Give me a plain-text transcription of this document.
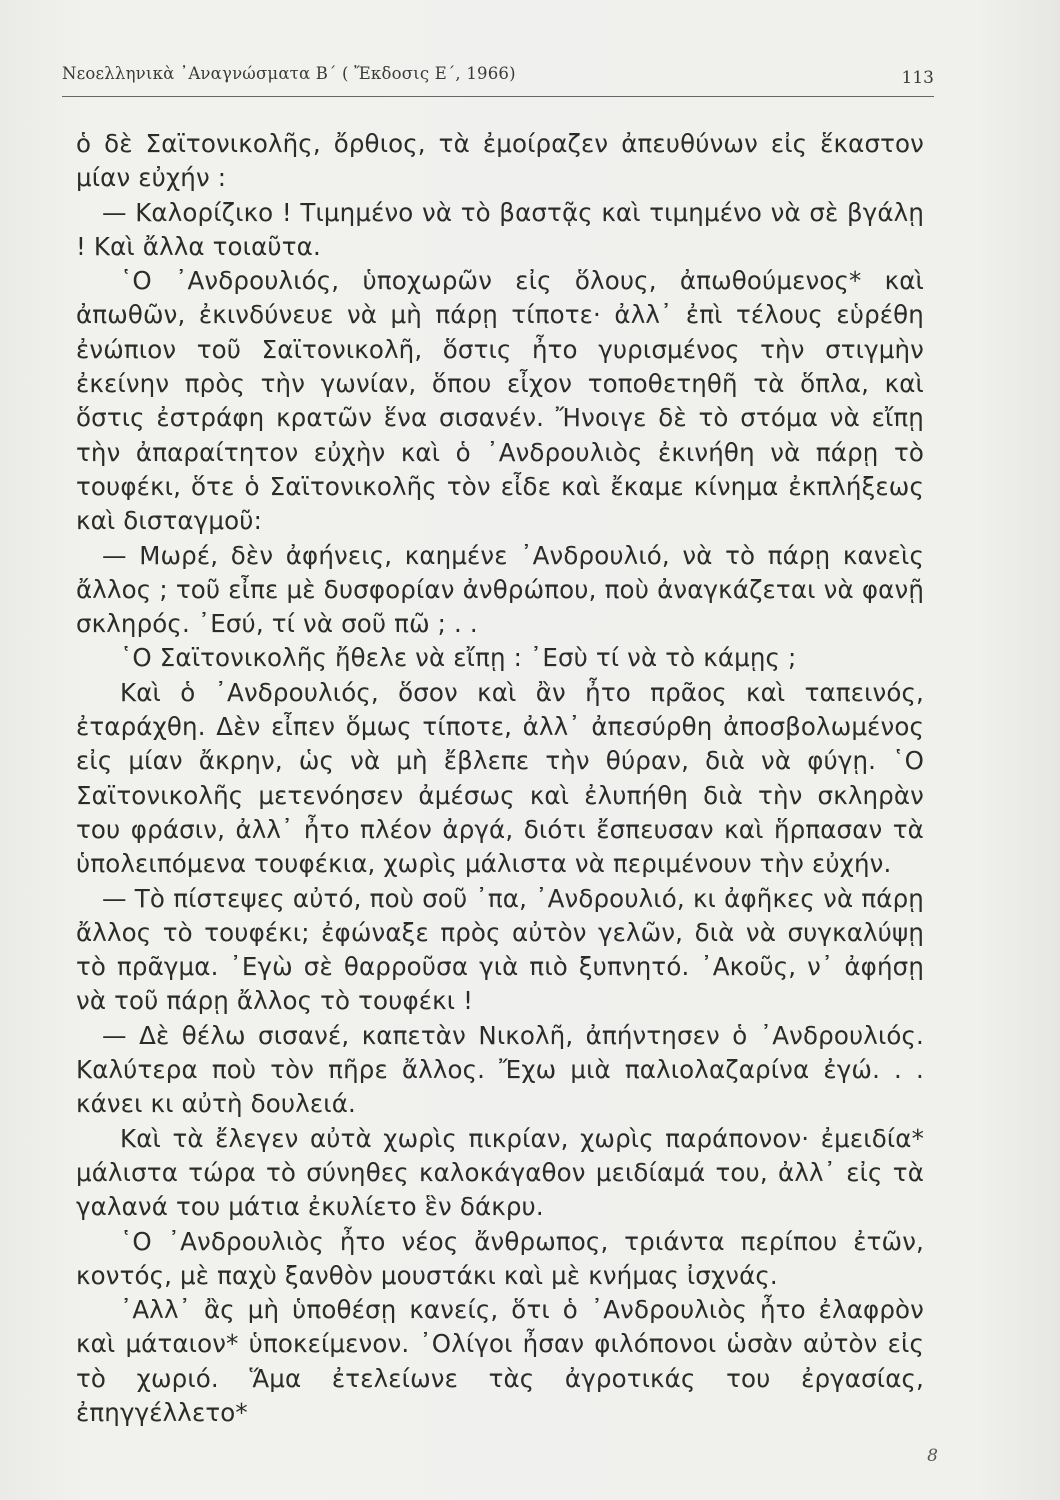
Νεοελληνικὰ ᾿Αναγνώσματα Β΄ ( Ἔκδοσις Ε΄, 1966)	113

ὁ δὲ Σαϊτονικολῆς, ὄρθιος, τὰ ἐμοίραζεν ἀπευθύνων εἰς ἕκαστον μίαν εὐχήν :

— Καλορίζικο ! Τιμημένο νὰ τὸ βαστᾷς καὶ τιμημένο νὰ σὲ βγάλῃ ! Καὶ ἄλλα τοιαῦτα.

῾Ο ᾿Ανδρουλιός, ὑποχωρῶν εἰς ὅλους, ἀπωθούμενος* καὶ ἀπωθῶν, ἐκινδύνευε νὰ μὴ πάρῃ τίποτε· ἀλλ᾿ ἐπὶ τέλους εὑρέθη ἐνώπιον τοῦ Σαϊτονικολῆ, ὅστις ἦτο γυρισμένος τὴν στιγμὴν ἐκείνην πρὸς τὴν γωνίαν, ὅπου εἶχον τοποθετηθῆ τὰ ὅπλα, καὶ ὅστις ἐστράφη κρατῶν ἕνα σισανέν. Ἤνοιγε δὲ τὸ στόμα νὰ εἴπῃ τὴν ἀπαραίτητον εὐχὴν καὶ ὁ ᾿Ανδρουλιὸς ἐκινήθη νὰ πάρῃ τὸ τουφέκι, ὅτε ὁ Σαϊτονικολῆς τὸν εἶδε καὶ ἔκαμε κίνημα ἐκπλήξεως καὶ δισταγμοῦ:

— Μωρέ, δὲν ἀφήνεις, καημένε ᾿Ανδρουλιό, νὰ τὸ πάρῃ κανεὶς ἄλλος ; τοῦ εἶπε μὲ δυσφορίαν ἀνθρώπου, ποὺ ἀναγκάζεται νὰ φανῇ σκληρός. ᾿Εσύ, τί νὰ σοῦ πῶ ; . .

῾Ο Σαϊτονικολῆς ἤθελε νὰ εἴπῃ : ᾿Εσὺ τί νὰ τὸ κάμῃς ;

Καὶ ὁ ᾿Ανδρουλιός, ὅσον καὶ ἂν ἦτο πρᾶος καὶ ταπεινός, ἐταράχθη. Δὲν εἶπεν ὅμως τίποτε, ἀλλ᾿ ἀπεσύρθη ἀποσβολωμένος εἰς μίαν ἄκρην, ὡς νὰ μὴ ἔβλεπε τὴν θύραν, διὰ νὰ φύγῃ. ῾Ο Σαϊτονικολῆς μετενόησεν ἀμέσως καὶ ἐλυπήθη διὰ τὴν σκληρὰν του φράσιν, ἀλλ᾿ ἦτο πλέον ἀργά, διότι ἔσπευσαν καὶ ἥρπασαν τὰ ὑπολειπόμενα τουφέκια, χωρὶς μάλιστα νὰ περιμένουν τὴν εὐχήν.

— Τὸ πίστεψες αὐτό, ποὺ σοῦ ᾿πα, ᾿Ανδρουλιό, κι ἀφῆκες νὰ πάρῃ ἄλλος τὸ τουφέκι; ἐφώναξε πρὸς αὐτὸν γελῶν, διὰ νὰ συγκαλύψῃ τὸ πρᾶγμα. ᾿Εγὼ σὲ θαρροῦσα γιὰ πιὸ ξυπνητό. ᾿Ακοῦς, ν᾿ ἀφήσῃ νὰ τοῦ πάρῃ ἄλλος τὸ τουφέκι !

— Δὲ θέλω σισανέ, καπετὰν Νικολῆ, ἀπήντησεν ὁ ᾿Ανδρουλιός. Καλύτερα ποὺ τὸν πῆρε ἄλλος. Ἔχω μιὰ παλιολαζαρίνα ἐγώ. . . κάνει κι αὐτὴ δουλειά.

Καὶ τὰ ἔλεγεν αὐτὰ χωρὶς πικρίαν, χωρὶς παράπονον· ἐμειδία* μάλιστα τώρα τὸ σύνηθες καλοκάγαθον μειδίαμά του, ἀλλ᾿ εἰς τὰ γαλανά του μάτια ἐκυλίετο ἓν δάκρυ.

῾Ο ᾿Ανδρουλιὸς ἦτο νέος ἄνθρωπος, τριάντα περίπου ἐτῶν, κοντός, μὲ παχὺ ξανθὸν μουστάκι καὶ μὲ κνήμας ἰσχνάς.

᾿Αλλ᾿ ἂς μὴ ὑποθέσῃ κανείς, ὅτι ὁ ᾿Ανδρουλιὸς ἦτο ἐλαφρὸν καὶ μάταιον* ὑποκείμενον. ᾿Ολίγοι ἦσαν φιλόπονοι ὡσὰν αὐτὸν εἰς τὸ χωριό. Ἅμα ἐτελείωνε τὰς ἀγροτικάς του ἐργασίας, ἐπηγγέλλετο*

8
